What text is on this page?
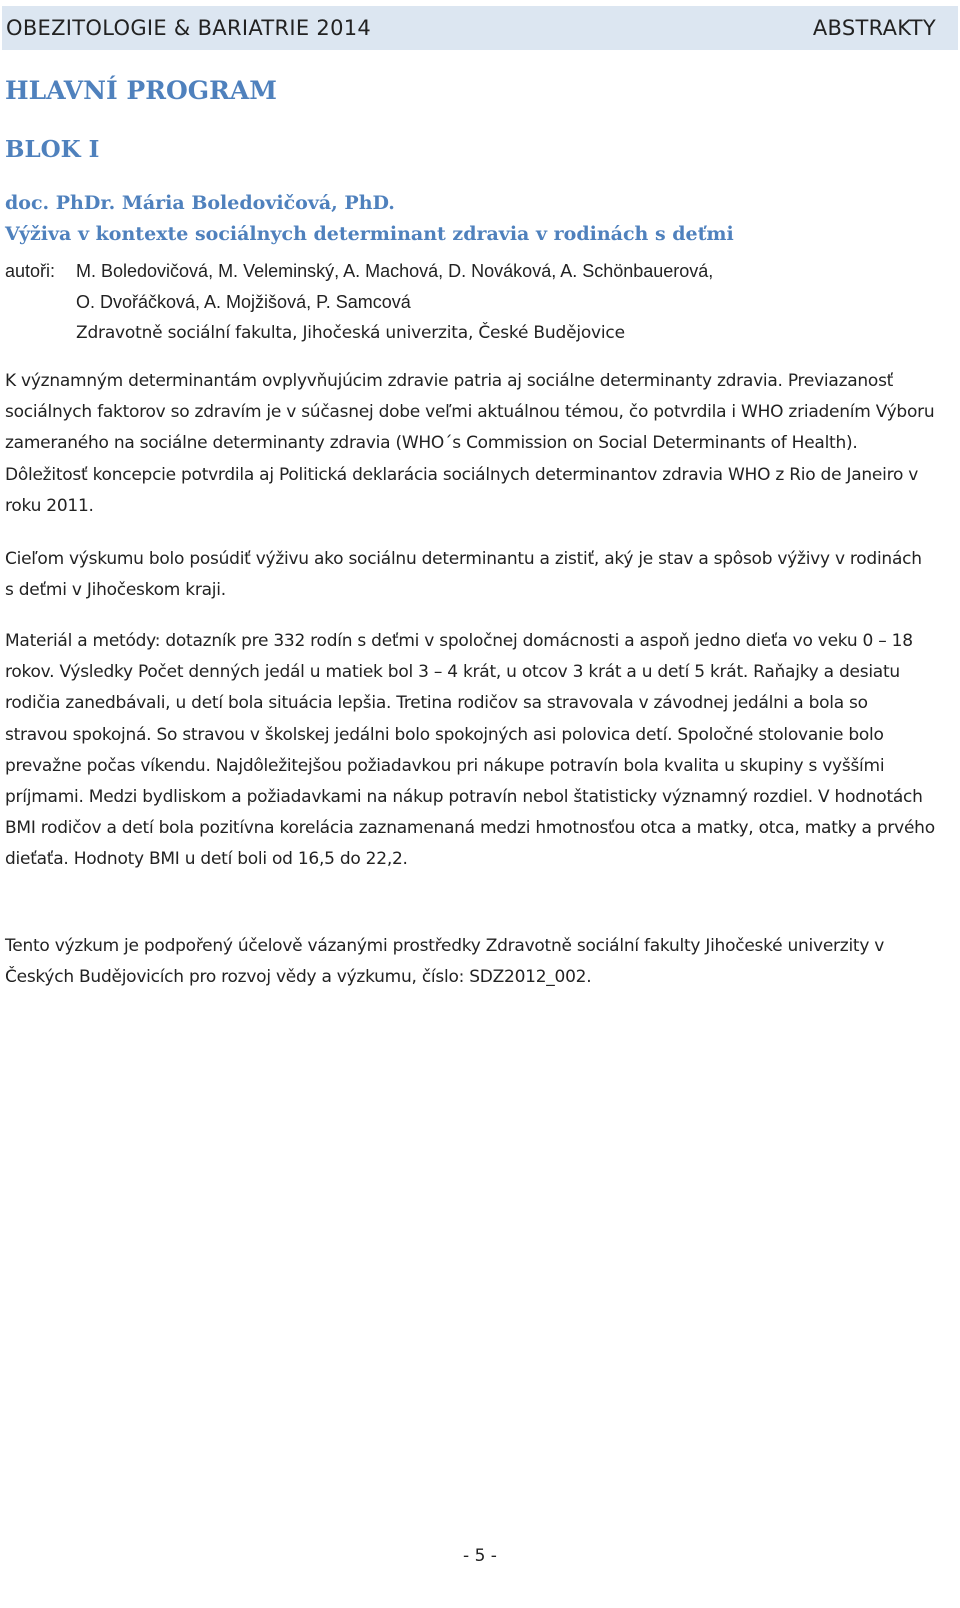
OBEZITOLOGIE & BARIATRIE 2014	ABSTRAKTY
HLAVNÍ PROGRAM
BLOK I
doc. PhDr. Mária Boledovičová, PhD.
Výživa v kontexte sociálnych determinant zdravia v rodinách s deťmi
autoři:	M. Boledovičová, M. Veleminský, A. Machová, D. Nováková, A. Schönbauerová,
O. Dvořáčková, A. Mojžišová, P. Samcová
Zdravotně sociální fakulta, Jihočeská univerzita, České Budějovice

K významným determinantám ovplyvňujúcim zdravie patria aj sociálne determinanty zdravia. Previazanosť sociálnych faktorov so zdravím je v súčasnej dobe veľmi aktuálnou témou, čo potvrdila i WHO zriadením Výboru zameraného na sociálne determinanty zdravia (WHO´s Commission on Social Determinants of Health). Dôležitosť koncepcie potvrdila aj Politická deklarácia sociálnych determinantov zdravia WHO z Rio de Janeiro v roku 2011.

Cieľom výskumu bolo posúdiť výživu ako sociálnu determinantu a zistiť, aký je stav a spôsob výživy v rodinách s deťmi v Jihočeskom kraji.

Materiál a metódy: dotazník pre 332 rodín s deťmi v spoločnej domácnosti a aspoň jedno dieťa vo veku 0 – 18 rokov. Výsledky Počet denných jedál u matiek bol 3 – 4 krát, u otcov 3 krát a u detí 5 krát. Raňajky a desiatu rodičia zanedbávali, u detí bola situácia lepšia. Tretina rodičov sa stravovala v závodnej jedálni a bola so stravou spokojná. So stravou v školskej jedálni bolo spokojných asi polovica detí. Spoločné stolovanie bolo prevažne počas víkendu. Najdôležitejšou požiadavkou pri nákupe potravín bola kvalita u skupiny s vyššími príjmami. Medzi bydliskom a požiadavkami na nákup potravín nebol štatisticky významný rozdiel. V hodnotách BMI rodičov a detí bola pozitívna korelácia zaznamenaná medzi hmotnosťou otca a matky, otca, matky a prvého dieťaťa. Hodnoty BMI u detí boli od 16,5 do 22,2.

Tento výzkum je podpořený účelově vázanými prostředky Zdravotně sociální fakulty Jihočeské univerzity v Českých Budějovicích pro rozvoj vědy a výzkumu, číslo: SDZ2012_002.

- 5 -
